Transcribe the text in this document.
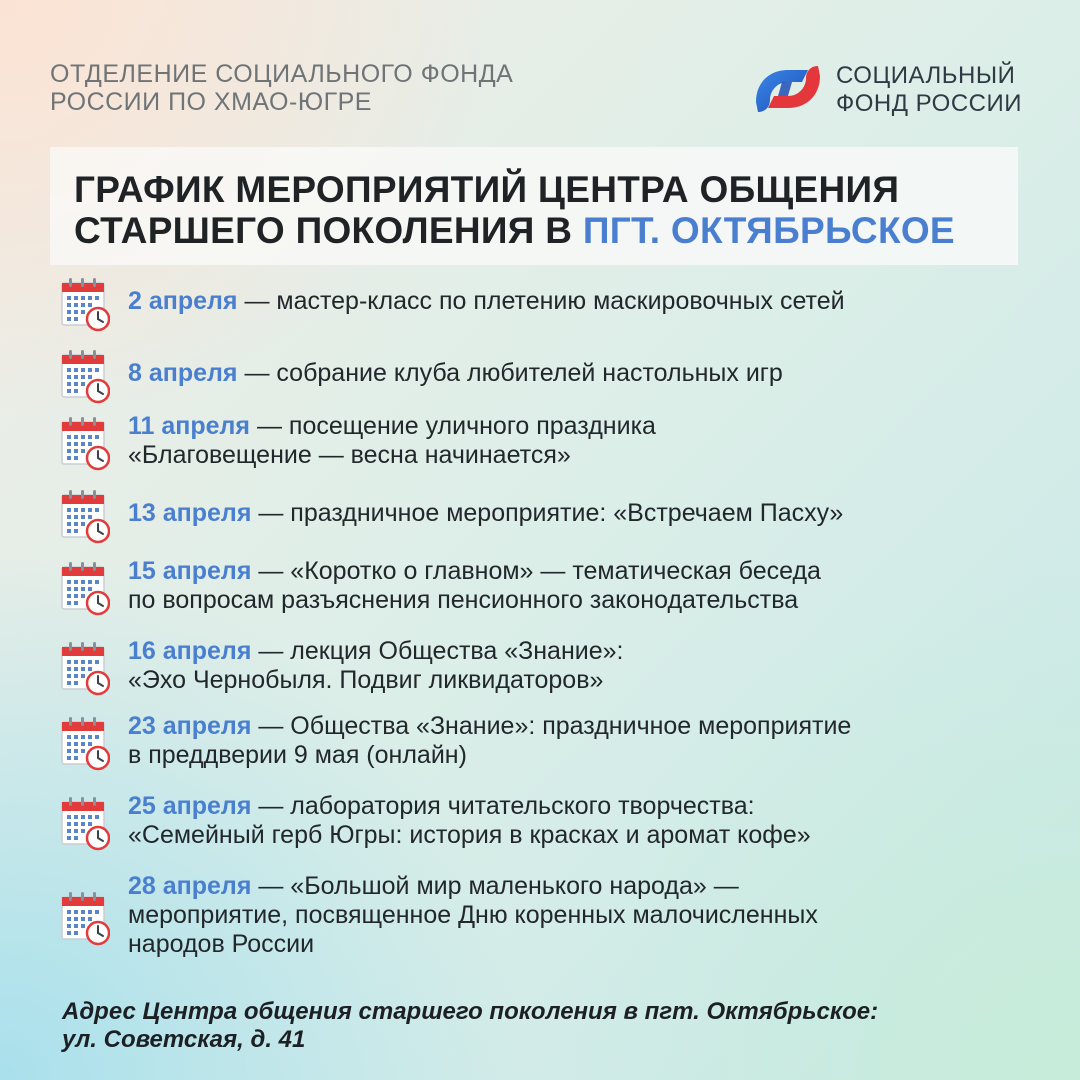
ОТДЕЛЕНИЕ СОЦИАЛЬНОГО ФОНДА
РОССИИ ПО ХМАО-ЮГРЕ
СОЦИАЛЬНЫЙ
ФОНД РОССИИ
ГРАФИК МЕРОПРИЯТИЙ ЦЕНТРА ОБЩЕНИЯ
СТАРШЕГО ПОКОЛЕНИЯ В ПГТ. ОКТЯБРЬСКОЕ
2 апреля — мастер-класс по плетению маскировочных сетей
8 апреля — собрание клуба любителей настольных игр
11 апреля — посещение уличного праздника
«Благовещение — весна начинается»
13 апреля — праздничное мероприятие: «Встречаем Пасху»
15 апреля — «Коротко о главном» — тематическая беседа
по вопросам разъяснения пенсионного законодательства
16 апреля — лекция Общества «Знание»:
«Эхо Чернобыля. Подвиг ликвидаторов»
23 апреля — Общества «Знание»: праздничное мероприятие
в преддверии 9 мая (онлайн)
25 апреля — лаборатория читательского творчества:
«Семейный герб Югры: история в красках и аромат кофе»
28 апреля — «Большой мир маленького народа» —
мероприятие, посвященное Дню коренных малочисленных
народов России
Адрес Центра общения старшего поколения в пгт. Октябрьское:
ул. Советская, д. 41
